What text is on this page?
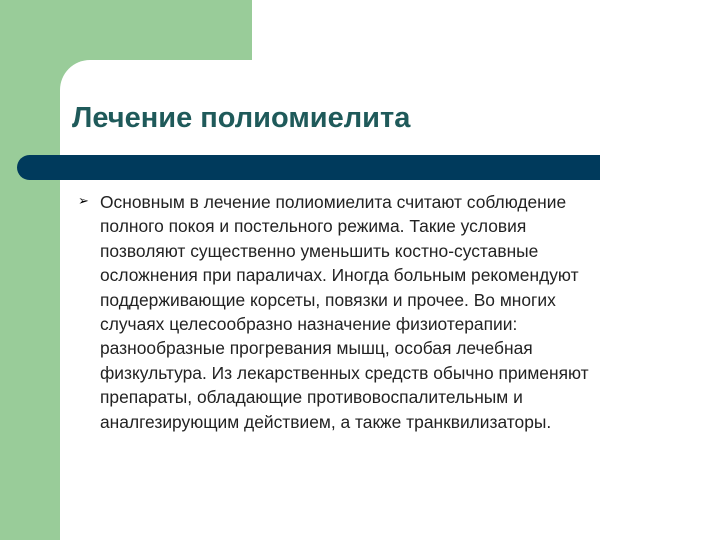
Лечение полиомиелита
➢ Основным в лечение полиомиелита считают соблюдение
полного покоя и постельного режима. Такие условия
позволяют существенно уменьшить костно-суставные
осложнения при параличах. Иногда больным рекомендуют
поддерживающие корсеты, повязки и прочее. Во многих
случаях целесообразно назначение физиотерапии:
разнообразные прогревания мышц, особая лечебная
физкультура. Из лекарственных средств обычно применяют
препараты, обладающие противовоспалительным и
аналгезирующим действием, а также транквилизаторы.
